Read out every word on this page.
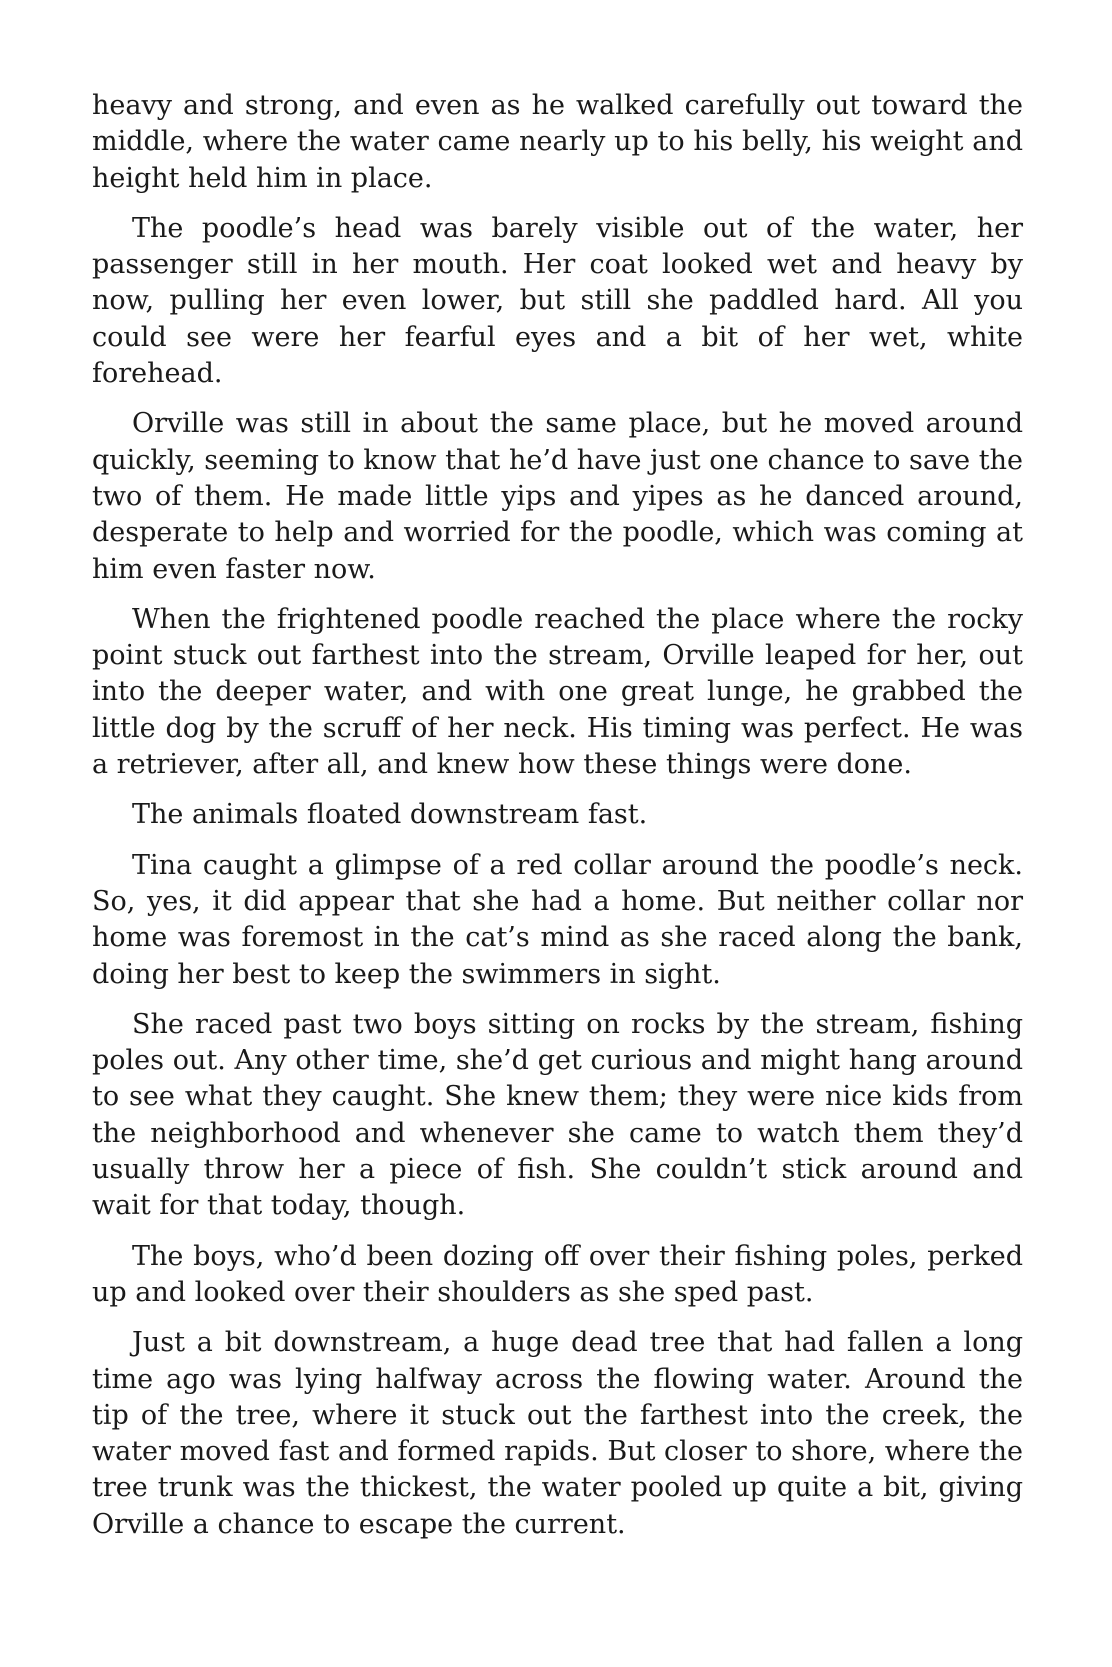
heavy and strong, and even as he walked carefully out toward the middle, where the water came nearly up to his belly, his weight and height held him in place.

The poodle’s head was barely visible out of the water, her passenger still in her mouth. Her coat looked wet and heavy by now, pulling her even lower, but still she paddled hard. All you could see were her fearful eyes and a bit of her wet, white forehead.

Orville was still in about the same place, but he moved around quickly, seeming to know that he’d have just one chance to save the two of them. He made little yips and yipes as he danced around, desperate to help and worried for the poodle, which was coming at him even faster now.

When the frightened poodle reached the place where the rocky point stuck out farthest into the stream, Orville leaped for her, out into the deeper water, and with one great lunge, he grabbed the little dog by the scruff of her neck. His timing was perfect. He was a retriever, after all, and knew how these things were done.

The animals floated downstream fast.

Tina caught a glimpse of a red collar around the poodle’s neck. So, yes, it did appear that she had a home. But neither collar nor home was foremost in the cat’s mind as she raced along the bank, doing her best to keep the swimmers in sight.

She raced past two boys sitting on rocks by the stream, fishing poles out. Any other time, she’d get curious and might hang around to see what they caught. She knew them; they were nice kids from the neighborhood and whenever she came to watch them they’d usually throw her a piece of fish. She couldn’t stick around and wait for that today, though.

The boys, who’d been dozing off over their fishing poles, perked up and looked over their shoulders as she sped past.

Just a bit downstream, a huge dead tree that had fallen a long time ago was lying halfway across the flowing water. Around the tip of the tree, where it stuck out the farthest into the creek, the water moved fast and formed rapids. But closer to shore, where the tree trunk was the thickest, the water pooled up quite a bit, giving Orville a chance to escape the current.
